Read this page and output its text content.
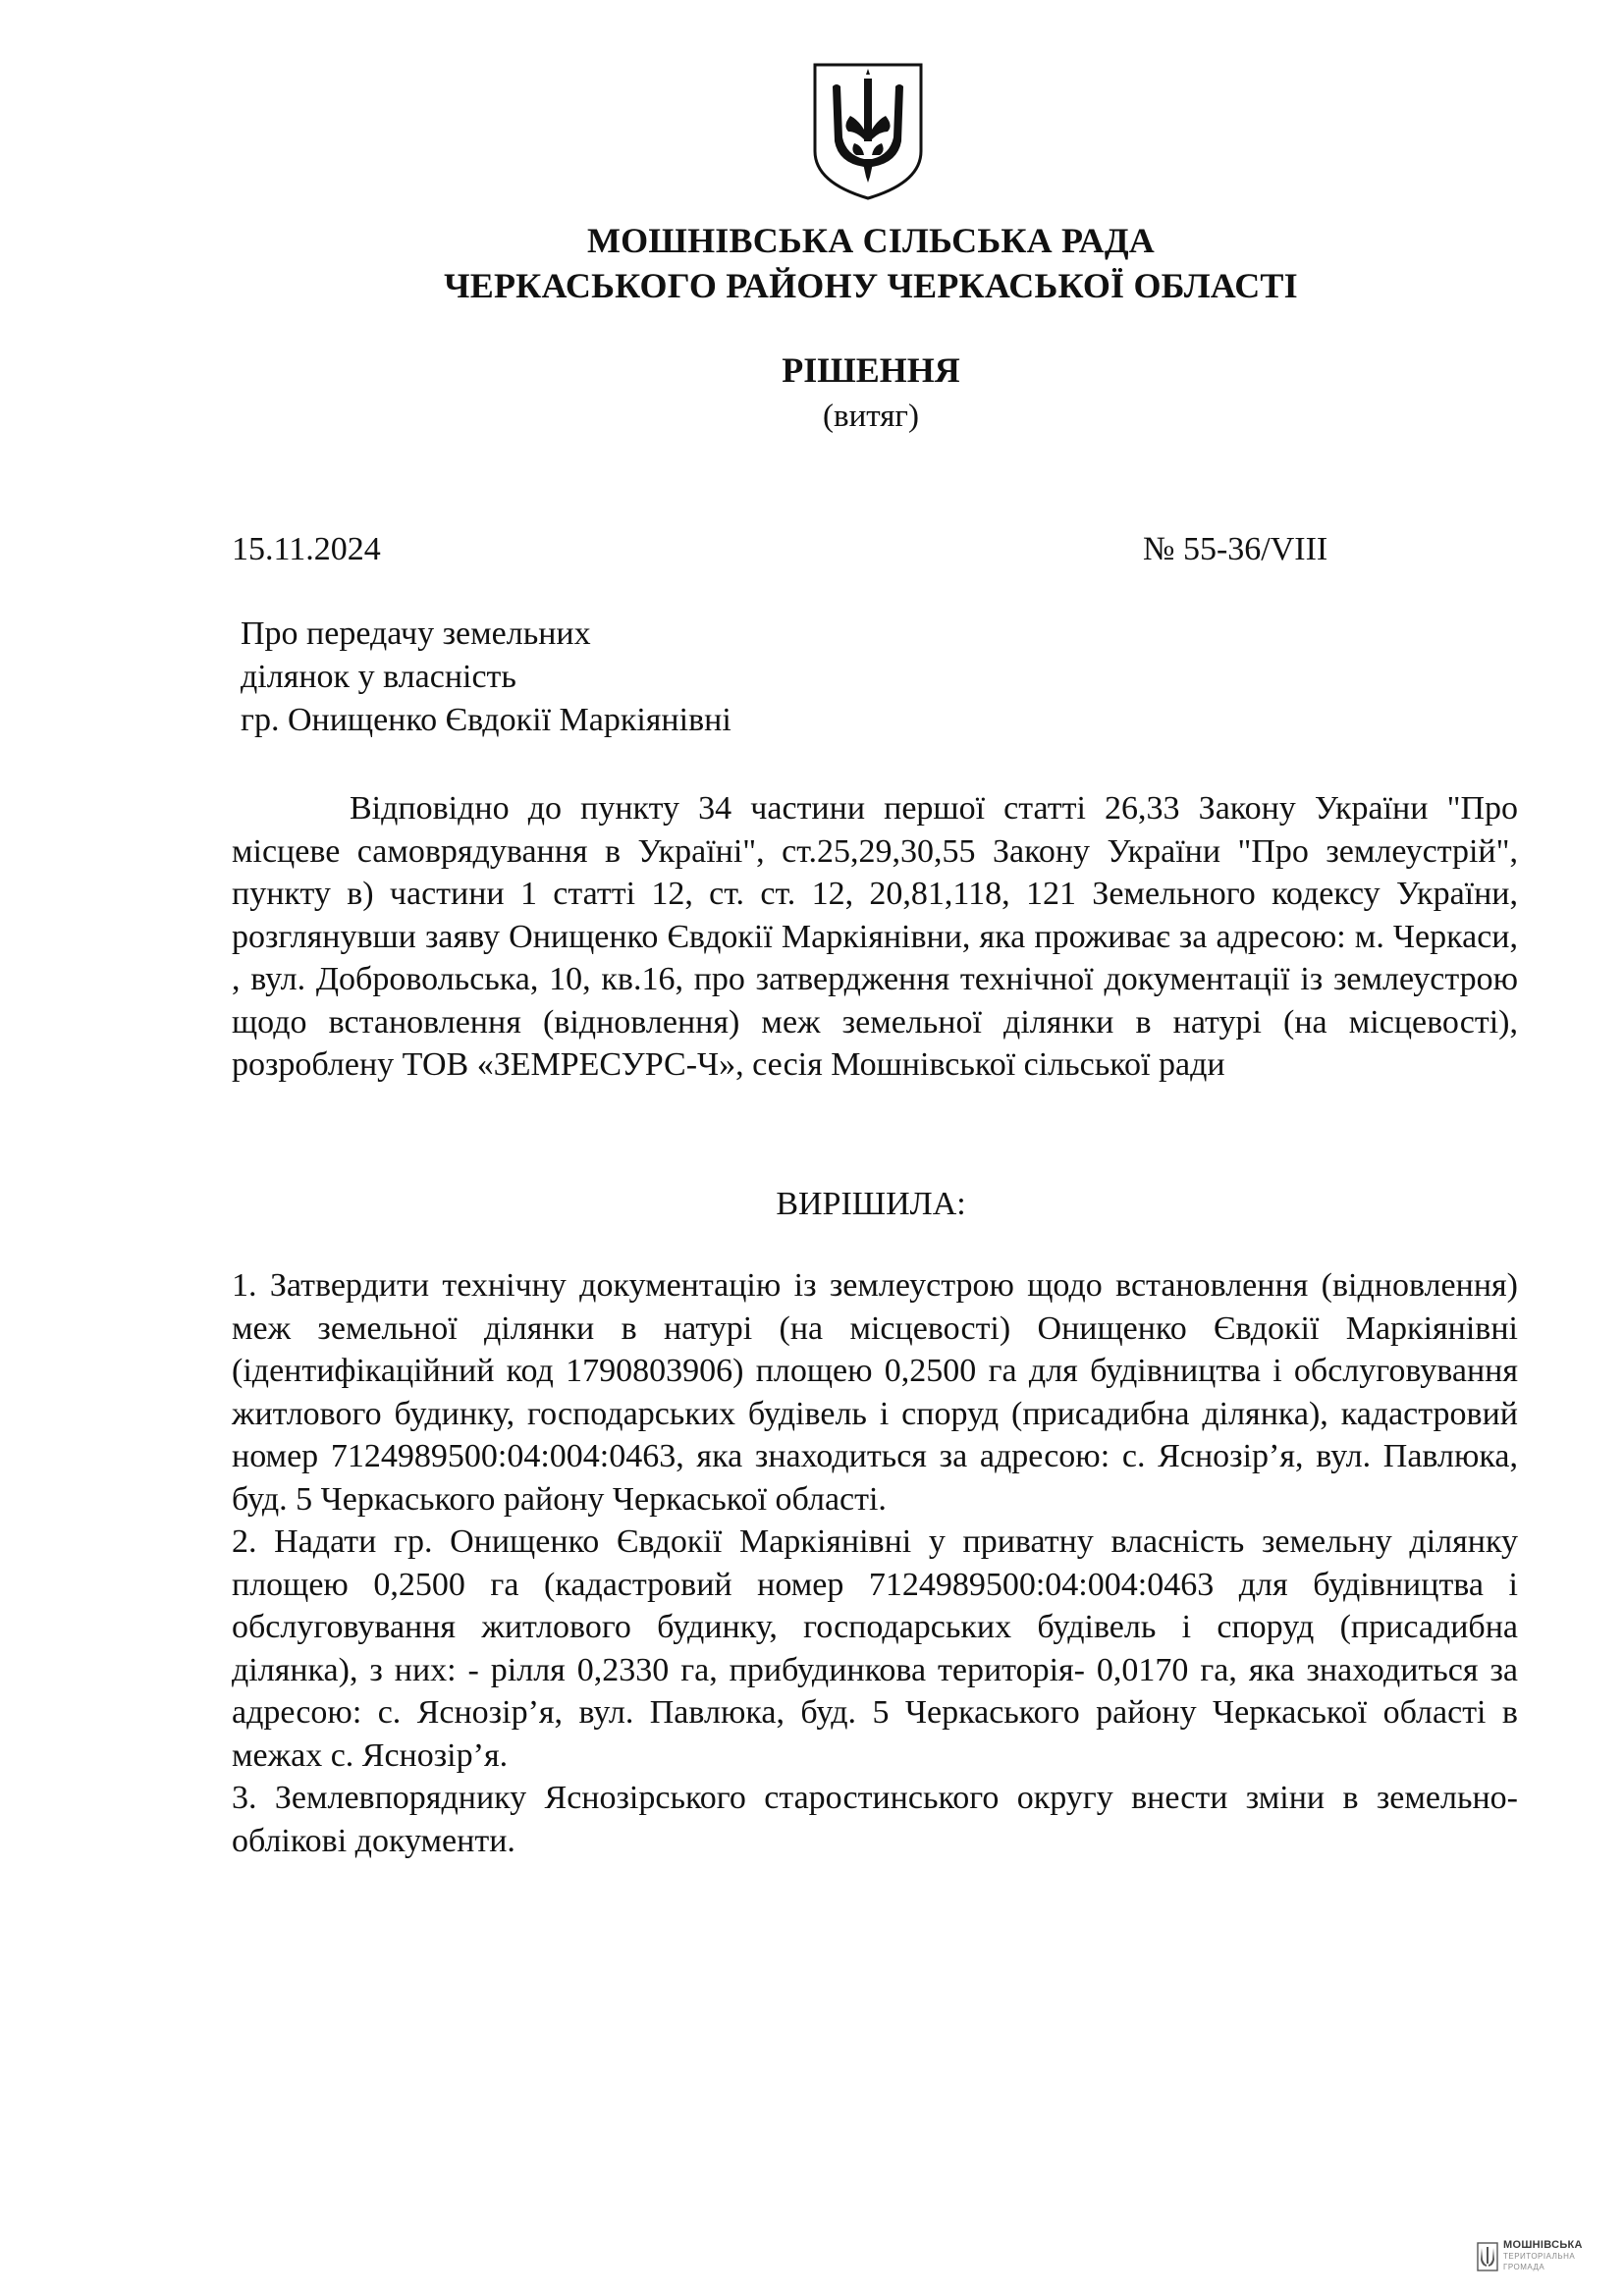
МОШНІВСЬКА СІЛЬСЬКА РАДА
ЧЕРКАСЬКОГО РАЙОНУ ЧЕРКАСЬКОЇ ОБЛАСТІ
РІШЕННЯ
(витяг)
15.11.2024	№ 55-36/VIII
Про передачу земельних
ділянок у власність
гр. Онищенко Євдокії Маркіянівні
Відповідно до пункту 34 частини першої статті 26,33 Закону України "Про місцеве самоврядування в Україні", ст.25,29,30,55 Закону України "Про землеустрій", пункту в) частини 1 статті 12, ст. ст. 12, 20,81,118, 121 Земельного кодексу України, розглянувши заяву Онищенко Євдокії Маркіянівни, яка проживає за адресою: м. Черкаси, , вул. Добровольська, 10, кв.16, про затвердження технічної документації із землеустрою щодо встановлення (відновлення) меж земельної ділянки в натурі (на місцевості), розроблену ТОВ «ЗЕМРЕСУРС-Ч», сесія Мошнівської сільської ради
ВИРІШИЛА:

1. Затвердити технічну документацію із землеустрою щодо встановлення (відновлення) меж земельної ділянки в натурі (на місцевості) Онищенко Євдокії Маркіянівні (ідентифікаційний код 1790803906) площею 0,2500 га для будівництва і обслуговування житлового будинку, господарських будівель і споруд (присадибна ділянка), кадастровий номер 7124989500:04:004:0463, яка знаходиться за адресою: с. Яснозір’я, вул. Павлюка, буд. 5 Черкаського району Черкаської області.

2. Надати гр. Онищенко Євдокії Маркіянівні у приватну власність земельну ділянку площею 0,2500 га (кадастровий номер 7124989500:04:004:0463 для будівництва і обслуговування житлового будинку, господарських будівель і споруд (присадибна ділянка), з них: - рілля 0,2330 га, прибудинкова територія- 0,0170 га, яка знаходиться за адресою: с. Яснозір’я, вул. Павлюка, буд. 5 Черкаського району Черкаської області в межах с. Яснозір’я.

3. Землевпоряднику Яснозірського старостинського округу внести зміни в земельно-облікові документи.

МОШНІВСЬКА
ТЕРИТОРІАЛЬНА
ГРОМАДА
